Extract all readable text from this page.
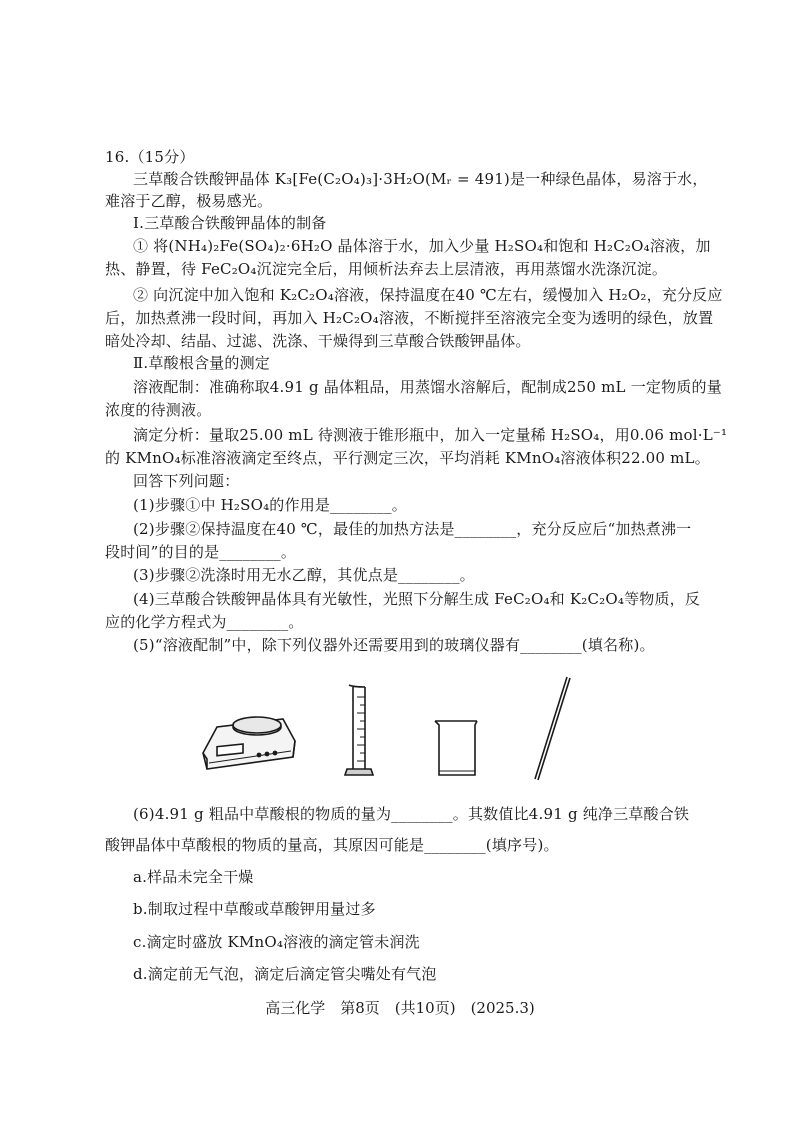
16.（15分）
三草酸合铁酸钾晶体 K₃[Fe(C₂O₄)₃]·3H₂O(Mᵣ = 491)是一种绿色晶体，易溶于水，
难溶于乙醇，极易感光。
Ⅰ.三草酸合铁酸钾晶体的制备
① 将(NH₄)₂Fe(SO₄)₂·6H₂O 晶体溶于水，加入少量 H₂SO₄和饱和 H₂C₂O₄溶液，加
热、静置，待 FeC₂O₄沉淀完全后，用倾析法弃去上层清液，再用蒸馏水洗涤沉淀。
② 向沉淀中加入饱和 K₂C₂O₄溶液，保持温度在40 ℃左右，缓慢加入 H₂O₂，充分反应
后，加热煮沸一段时间，再加入 H₂C₂O₄溶液，不断搅拌至溶液完全变为透明的绿色，放置
暗处冷却、结晶、过滤、洗涤、干燥得到三草酸合铁酸钾晶体。
Ⅱ.草酸根含量的测定
溶液配制：准确称取4.91 g 晶体粗品，用蒸馏水溶解后，配制成250 mL 一定物质的量
浓度的待测液。
滴定分析：量取25.00 mL 待测液于锥形瓶中，加入一定量稀 H₂SO₄，用0.06 mol·L⁻¹
的 KMnO₄标准溶液滴定至终点，平行测定三次，平均消耗 KMnO₄溶液体积22.00 mL。
回答下列问题：
(1)步骤①中 H₂SO₄的作用是________。
(2)步骤②保持温度在40 ℃，最佳的加热方法是________，充分反应后“加热煮沸一
段时间”的目的是________。
(3)步骤②洗涤时用无水乙醇，其优点是________。
(4)三草酸合铁酸钾晶体具有光敏性，光照下分解生成 FeC₂O₄和 K₂C₂O₄等物质，反
应的化学方程式为________。
(5)“溶液配制”中，除下列仪器外还需要用到的玻璃仪器有________(填名称)。
(6)4.91 g 粗品中草酸根的物质的量为________。其数值比4.91 g 纯净三草酸合铁
酸钾晶体中草酸根的物质的量高，其原因可能是________(填序号)。
a.样品未完全干燥
b.制取过程中草酸或草酸钾用量过多
c.滴定时盛放 KMnO₄溶液的滴定管未润洗
d.滴定前无气泡，滴定后滴定管尖嘴处有气泡
高三化学　第8页　(共10页)　(2025.3)
